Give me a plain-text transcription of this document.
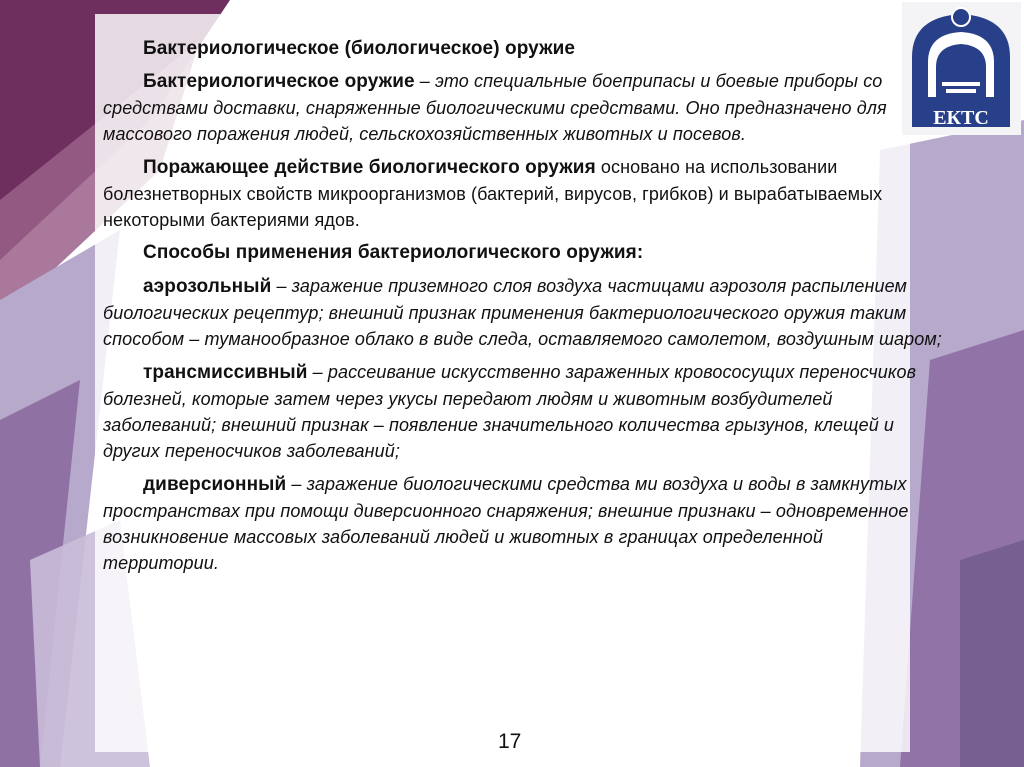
ЕКТС

Бактериологическое (биологическое) оружие

Бактериологическое оружие – это специальные боеприпасы и боевые приборы со средствами доставки, снаряженные биологическими средствами. Оно предназначено для массового поражения людей, сельскохозяйственных животных и посевов.

Поражающее действие биологического оружия основано на использовании болезнетворных свойств микроорганизмов (бактерий, вирусов, грибков) и вырабатываемых некоторыми бактериями ядов.

Способы применения бактериологического оружия:

аэрозольный – заражение приземного слоя воздуха частицами аэрозоля распылением биологических рецептур; внешний признак применения бактериологического оружия таким способом – туманообразное облако в виде следа, оставляемого самолетом, воздушным шаром;

трансмиссивный – рассеивание искусственно зараженных кровососущих переносчиков болезней, которые затем через укусы передают людям и животным возбудителей заболеваний; внешний признак – появление значительного количества грызунов, клещей и других переносчиков заболеваний;

диверсионный – заражение биологическими средства ми воздуха и воды в замкнутых пространствах при помощи диверсионного снаряжения; внешние признаки – одновременное возникновение массовых заболеваний людей и животных в границах определенной территории.

17
